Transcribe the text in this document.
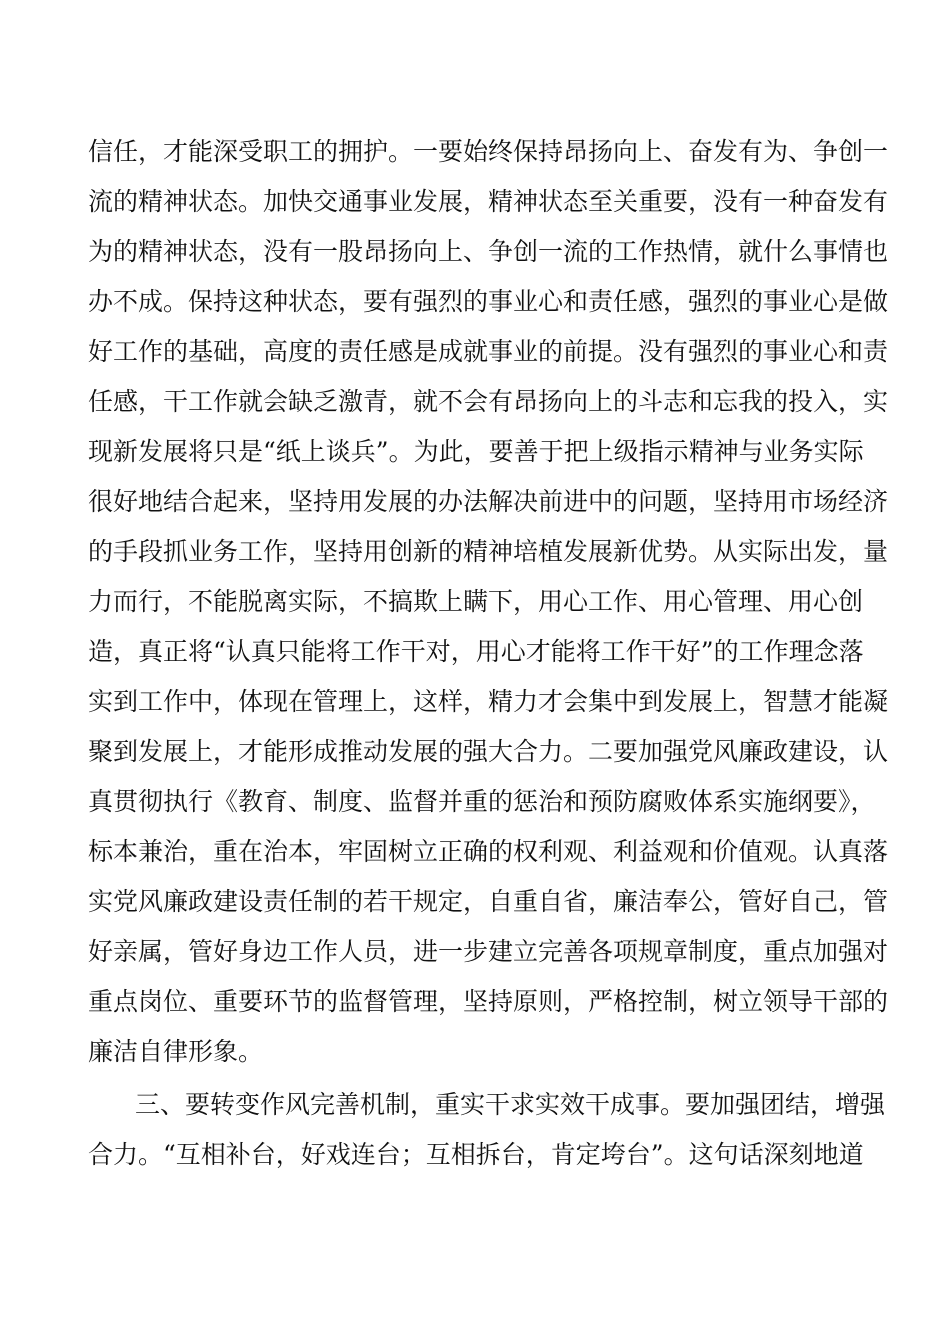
信任，才能深受职工的拥护。一要始终保持昂扬向上、奋发有为、争创一
流的精神状态。加快交通事业发展，精神状态至关重要，没有一种奋发有
为的精神状态，没有一股昂扬向上、争创一流的工作热情，就什么事情也
办不成。保持这种状态，要有强烈的事业心和责任感，强烈的事业心是做
好工作的基础，高度的责任感是成就事业的前提。没有强烈的事业心和责
任感，干工作就会缺乏激青，就不会有昂扬向上的斗志和忘我的投入，实
现新发展将只是“纸上谈兵”。为此，要善于把上级指示精神与业务实际
很好地结合起来，坚持用发展的办法解决前进中的问题，坚持用市场经济
的手段抓业务工作，坚持用创新的精神培植发展新优势。从实际出发，量
力而行，不能脱离实际，不搞欺上瞒下，用心工作、用心管理、用心创
造，真正将“认真只能将工作干对，用心才能将工作干好”的工作理念落
实到工作中，体现在管理上，这样，精力才会集中到发展上，智慧才能凝
聚到发展上，才能形成推动发展的强大合力。二要加强党风廉政建设，认
真贯彻执行《教育、制度、监督并重的惩治和预防腐败体系实施纲要》，
标本兼治，重在治本，牢固树立正确的权利观、利益观和价值观。认真落
实党风廉政建设责任制的若干规定，自重自省，廉洁奉公，管好自己，管
好亲属，管好身边工作人员，进一步建立完善各项规章制度，重点加强对
重点岗位、重要环节的监督管理，坚持原则，严格控制，树立领导干部的
廉洁自律形象。
三、要转变作风完善机制，重实干求实效干成事。要加强团结，增强
合力。“互相补台，好戏连台；互相拆台，肯定垮台”。这句话深刻地道
